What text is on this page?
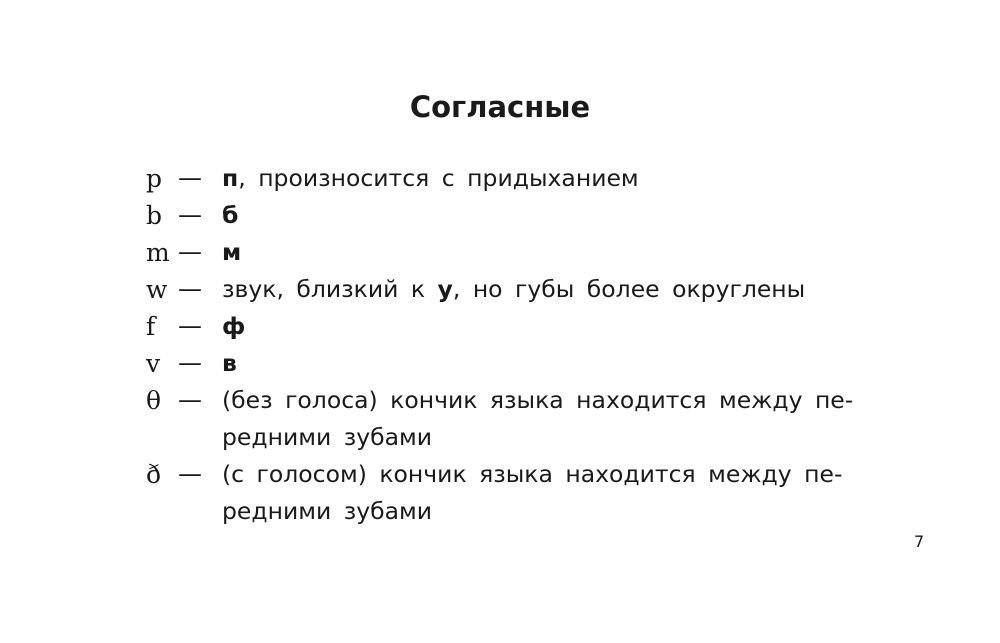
Согласные
p — п, произносится с придыханием
b — б
m — м
w — звук, близкий к у, но губы более округлены
f — ф
v — в
θ — (без голоса) кончик языка находится между пе-
редними зубами
ð — (с голосом) кончик языка находится между пе-
редними зубами
7
